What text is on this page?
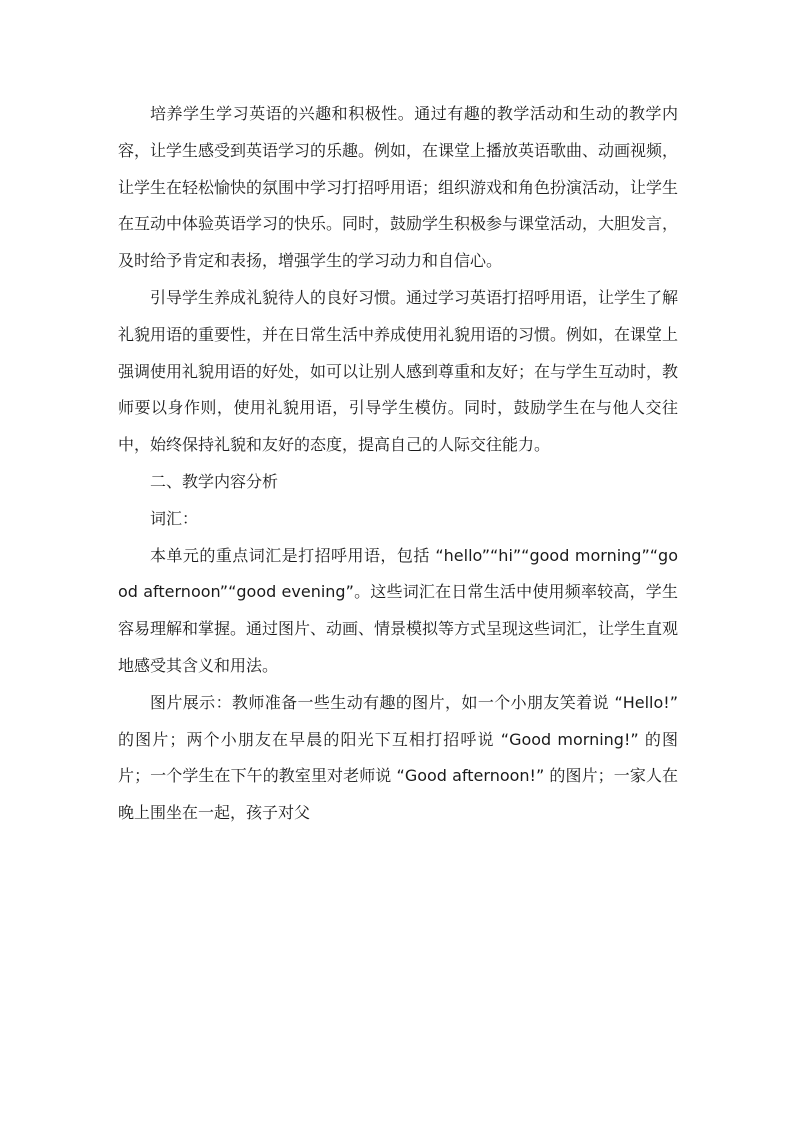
培养学生学习英语的兴趣和积极性。通过有趣的教学活动和生动的教学内容，让学生感受到英语学习的乐趣。例如，在课堂上播放英语歌曲、动画视频，让学生在轻松愉快的氛围中学习打招呼用语；组织游戏和角色扮演活动，让学生在互动中体验英语学习的快乐。同时，鼓励学生积极参与课堂活动，大胆发言，及时给予肯定和表扬，增强学生的学习动力和自信心。

引导学生养成礼貌待人的良好习惯。通过学习英语打招呼用语，让学生了解礼貌用语的重要性，并在日常生活中养成使用礼貌用语的习惯。例如，在课堂上强调使用礼貌用语的好处，如可以让别人感到尊重和友好；在与学生互动时，教师要以身作则，使用礼貌用语，引导学生模仿。同时，鼓励学生在与他人交往中，始终保持礼貌和友好的态度，提高自己的人际交往能力。

二、教学内容分析

词汇：

本单元的重点词汇是打招呼用语，包括 “hello”“hi”“good morning”“good afternoon”“good evening”。这些词汇在日常生活中使用频率较高，学生容易理解和掌握。通过图片、动画、情景模拟等方式呈现这些词汇，让学生直观地感受其含义和用法。

图片展示：教师准备一些生动有趣的图片，如一个小朋友笑着说 “Hello!” 的图片；两个小朋友在早晨的阳光下互相打招呼说 “Good morning!” 的图片；一个学生在下午的教室里对老师说 “Good afternoon!” 的图片；一家人在晚上围坐在一起，孩子对父
